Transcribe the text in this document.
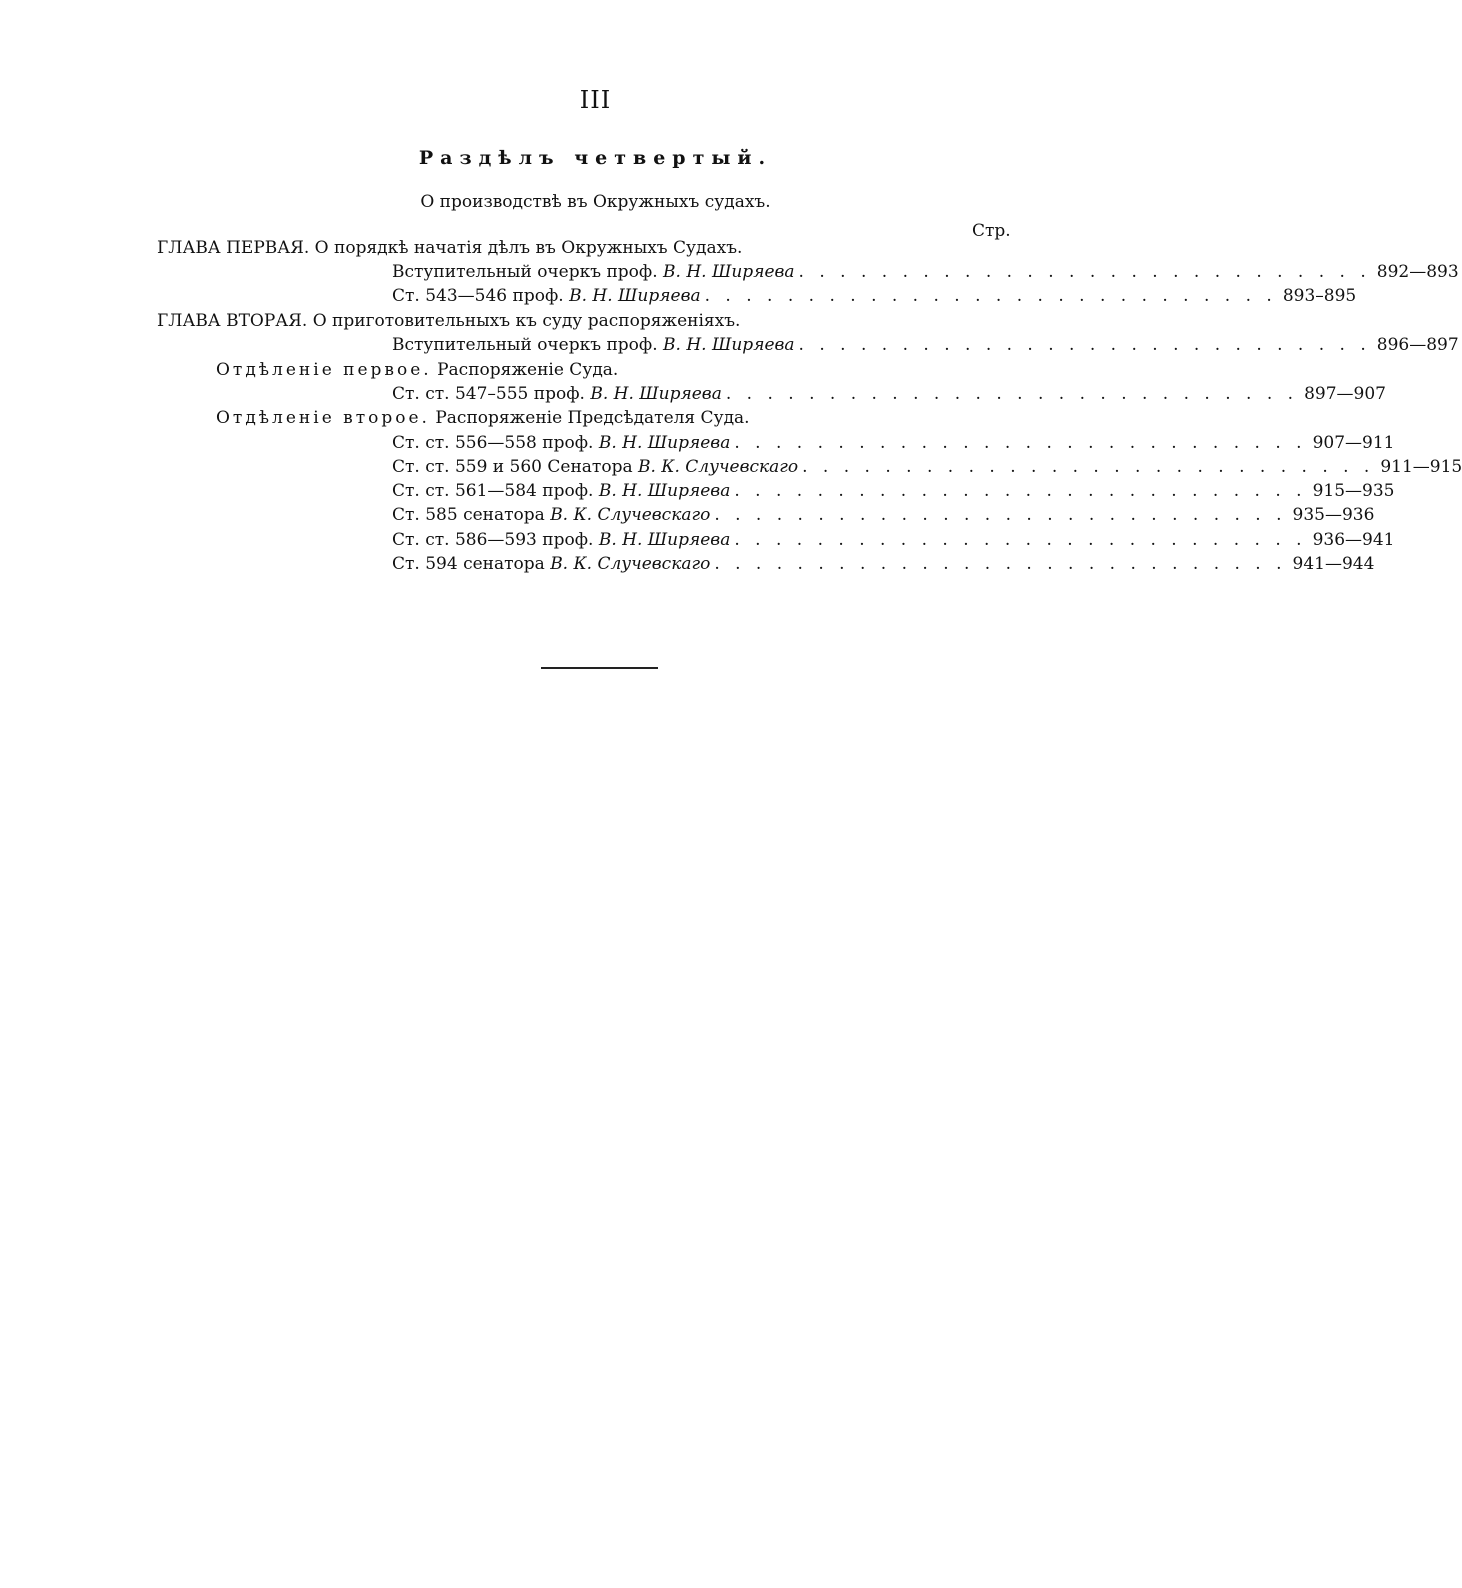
III
Раздѣлъ четвертый.
О производствѣ въ Окружныхъ судахъ.
Стр.
ГЛАВА ПЕРВАЯ. О порядкѣ начатія дѣлъ въ Окружныхъ Судахъ.
Вступительный очеркъ проф. В. Н. Ширяева . . . . . . . . . . . . . . . . . . . . . . . . . . . . 892—893
Ст. 543—546 проф. В. Н. Ширяева . . . . . . . . . . . . . . . . . . . . . . . . . . . . 893–895
ГЛАВА ВТОРАЯ. О приготовительныхъ къ суду распоряженіяхъ.
Вступительный очеркъ проф. В. Н. Ширяева . . . . . . . . . . . . . . . . . . . . . . . . . . . . 896—897
Отдѣленіе первое. Распоряженіе Суда.
Ст. ст. 547–555 проф. В. Н. Ширяева . . . . . . . . . . . . . . . . . . . . . . . . . . . . 897—907
Отдѣленіе второе. Распоряженіе Предсѣдателя Суда.
Ст. ст. 556—558 проф. В. Н. Ширяева . . . . . . . . . . . . . . . . . . . . . . . . . . . . 907—911
Ст. ст. 559 и 560 Сенатора В. К. Случевскаго . . . . . . . . . . . . . . . . . . . . . . . . . . . . 911—915
Ст. ст. 561—584 проф. В. Н. Ширяева . . . . . . . . . . . . . . . . . . . . . . . . . . . . 915—935
Ст. 585 сенатора В. К. Случевскаго . . . . . . . . . . . . . . . . . . . . . . . . . . . . 935—936
Ст. ст. 586—593 проф. В. Н. Ширяева . . . . . . . . . . . . . . . . . . . . . . . . . . . . 936—941
Ст. 594 сенатора В. К. Случевскаго . . . . . . . . . . . . . . . . . . . . . . . . . . . . 941—944
